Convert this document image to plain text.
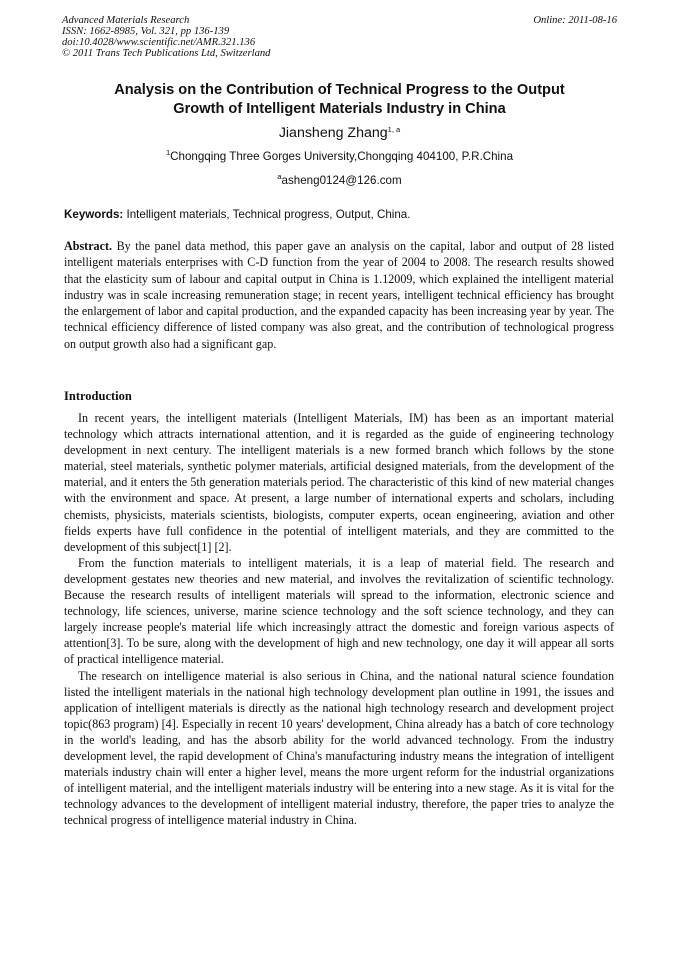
Advanced Materials Research
ISSN: 1662-8985, Vol. 321, pp 136-139
doi:10.4028/www.scientific.net/AMR.321.136
© 2011 Trans Tech Publications Ltd, Switzerland
Online: 2011-08-16
Analysis on the Contribution of Technical Progress to the Output
Growth of Intelligent Materials Industry in China
Jiansheng Zhang$^{1, a}$
$^1$Chongqing Three Gorges University,Chongqing 404100, P.R.China
$^a$asheng0124@126.com
Keywords: Intelligent materials, Technical progress, Output, China.

Abstract. By the panel data method, this paper gave an analysis on the capital, labor and output of 28 listed intelligent materials enterprises with C-D function from the year of 2004 to 2008. The research results showed that the elasticity sum of labour and capital output in China is 1.12009, which explained the intelligent material industry was in scale increasing remuneration stage; in recent years, intelligent technical efficiency has brought the enlargement of labor and capital production, and the expanded capacity has been increasing year by year. The technical efficiency difference of listed company was also great, and the contribution of technological progress on output growth also had a significant gap.

Introduction

In recent years, the intelligent materials (Intelligent Materials, IM) has been as an important material technology which attracts international attention, and it is regarded as the guide of engineering technology development in next century. The intelligent materials is a new formed branch which follows by the stone material, steel materials, synthetic polymer materials, artificial designed materials, from the development of the material, and it enters the 5th generation materials period. The characteristic of this kind of new material changes with the environment and space. At present, a large number of international experts and scholars, including chemists, physicists, materials scientists, biologists, computer experts, ocean engineering, aviation and other fields experts have full confidence in the potential of intelligent materials, and they are committed to the development of this subject[1] [2].

From the function materials to intelligent materials, it is a leap of material field. The research and development gestates new theories and new material, and involves the revitalization of scientific technology. Because the research results of intelligent materials will spread to the information, electronic science and technology, life sciences, universe, marine science technology and the soft science technology, and they can largely increase people's material life which increasingly attract the domestic and foreign various aspects of attention[3]. To be sure, along with the development of high and new technology, one day it will appear all sorts of practical intelligence material.

The research on intelligence material is also serious in China, and the national natural science foundation listed the intelligent materials in the national high technology development plan outline in 1991, the issues and application of intelligent materials is directly as the national high technology research and development project topic(863 program) [4]. Especially in recent 10 years' development, China already has a batch of core technology in the world's leading, and has the absorb ability for the world advanced technology. From the industry development level, the rapid development of China's manufacturing industry means the integration of intelligent materials industry chain will enter a higher level, means the more urgent reform for the industrial organizations of intelligent material, and the intelligent materials industry will be entering into a new stage. As it is vital for the technology advances to the development of intelligent material industry, therefore, the paper tries to analyze the technical progress of intelligence material industry in China.
